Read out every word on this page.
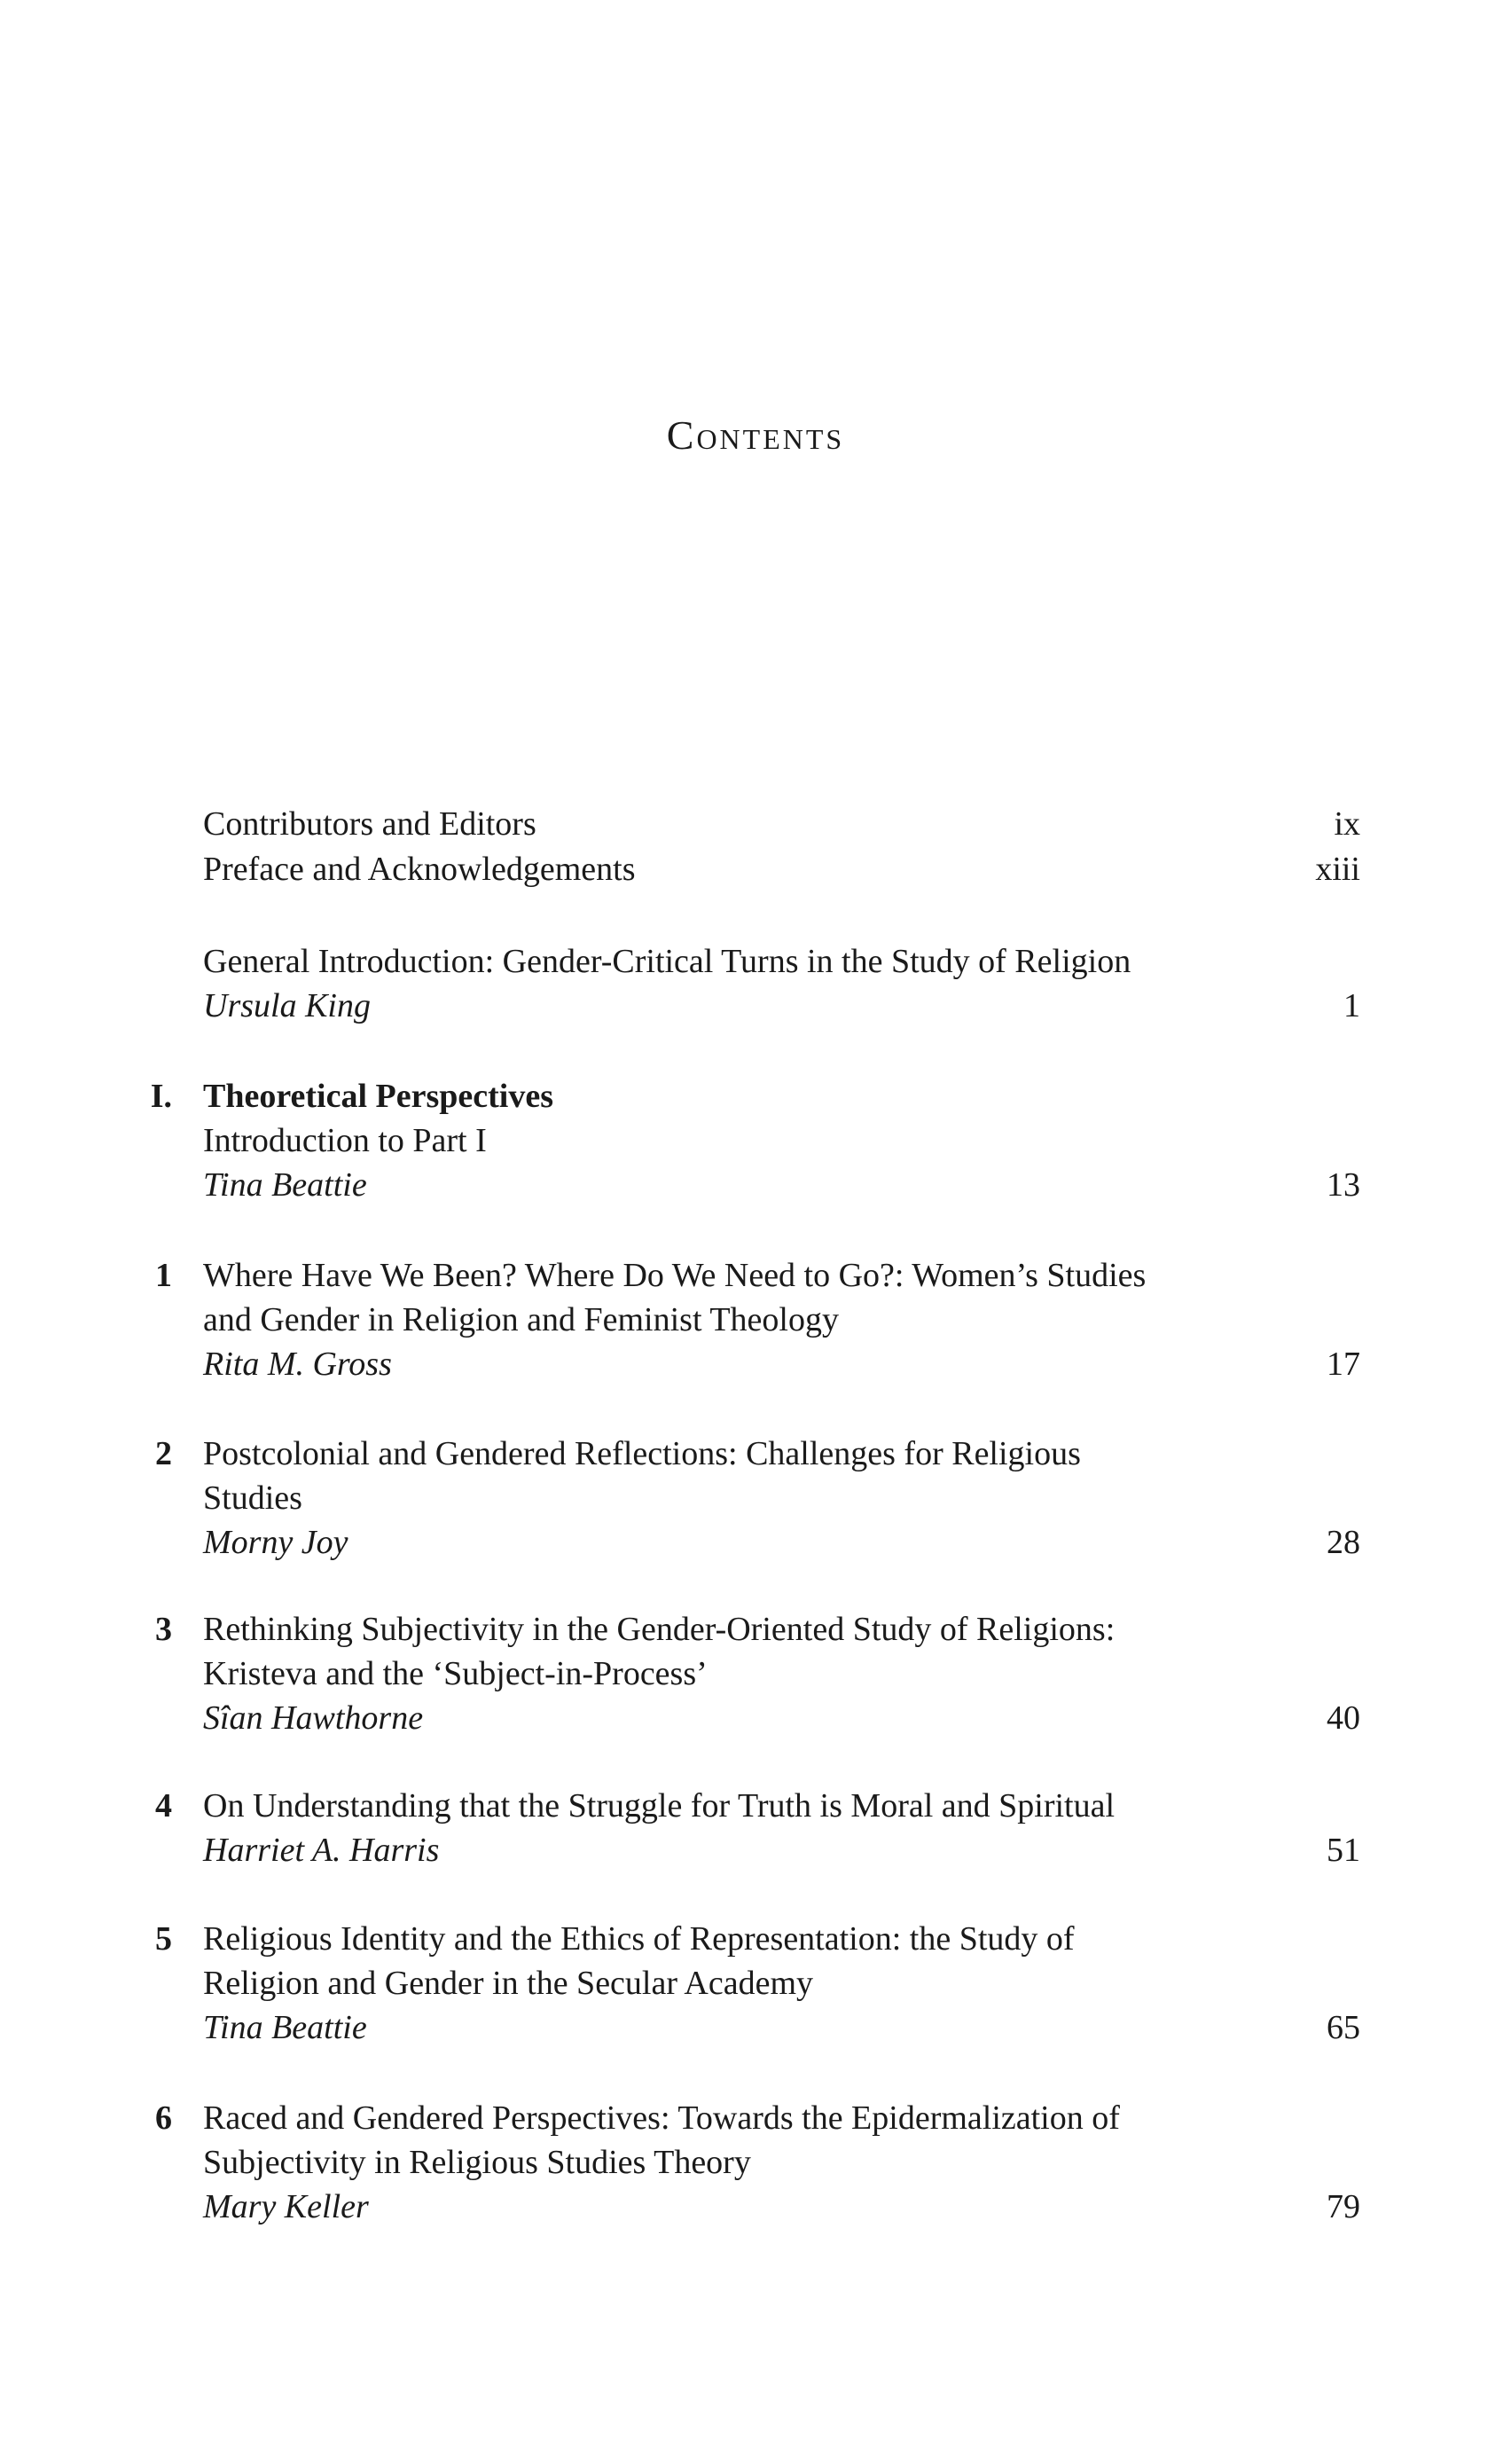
Contents
Contributors and Editors	ix
Preface and Acknowledgements	xiii
General Introduction: Gender-Critical Turns in the Study of Religion
Ursula King	1
I. Theoretical Perspectives
Introduction to Part I
Tina Beattie	13
1 Where Have We Been? Where Do We Need to Go?: Women’s Studies
and Gender in Religion and Feminist Theology
Rita M. Gross	17
2 Postcolonial and Gendered Reflections: Challenges for Religious
Studies
Morny Joy	28
3 Rethinking Subjectivity in the Gender-Oriented Study of Religions:
Kristeva and the ‘Subject-in-Process’
Sîan Hawthorne	40
4 On Understanding that the Struggle for Truth is Moral and Spiritual
Harriet A. Harris	51
5 Religious Identity and the Ethics of Representation: the Study of
Religion and Gender in the Secular Academy
Tina Beattie	65
6 Raced and Gendered Perspectives: Towards the Epidermalization of
Subjectivity in Religious Studies Theory
Mary Keller	79
